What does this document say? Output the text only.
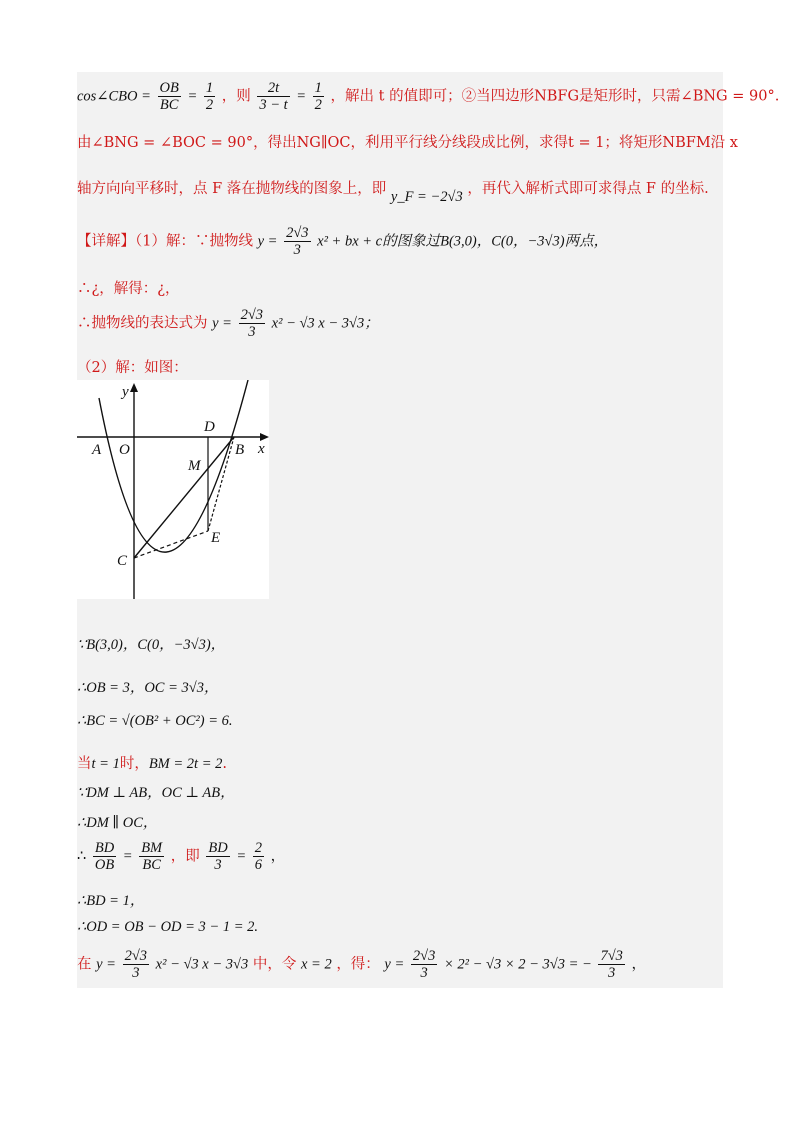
cos∠CBO = $\frac{OB}{BC} = \frac{1}{2}$ ，则 $\frac{2t}{3 - t} = \frac{1}{2}$ ，解出 t 的值即可；②当四边形NBFG是矩形时，只需∠BNG = 90°.
由∠BNG = ∠BOC = 90°，得出NG∥OC，利用平行线分线段成比例，求得t = 1；将矩形NBFM沿 x
轴方向向平移时，点 F 落在抛物线的图象上，即 y_F = −2√3 ，再代入解析式即可求得点 F 的坐标.
【详解】（1）解：∵抛物线 $y = \frac{2√3}{3} x^2$ + bx + c的图象过B(3,0)，C(0，−3√3)两点，
∴¿，解得：¿，
∴抛物线的表达式为 $y = \frac{2√3}{3} x^2 - √3$ x − 3√3；
（2）解：如图：
y
x
A O	B
D
M
E
C
∵B(3,0)，C(0，−3√3)，
∴OB = 3，OC = 3√3，
∴BC = √(OB² + OC²) = 6.
当t = 1时，BM = 2t = 2.
∵DM ⊥ AB，OC ⊥ AB，
∴DM ∥ OC，
∴ $\frac{BD}{OB} = \frac{BM}{BC}$ ，即 $\frac{BD}{3} = \frac{2}{6}$ ，
∴BD = 1，
∴OD = OB − OD = 3 − 1 = 2.
在 $y = \frac{2√3}{3} x^2 - √3$ x − 3√3 中，令 x = 2 ，得： $y = \frac{2√3}{3} \times 2^2 - √3 \times 2 - 3√3$ = − $\frac{7√3}{3}$ ，
